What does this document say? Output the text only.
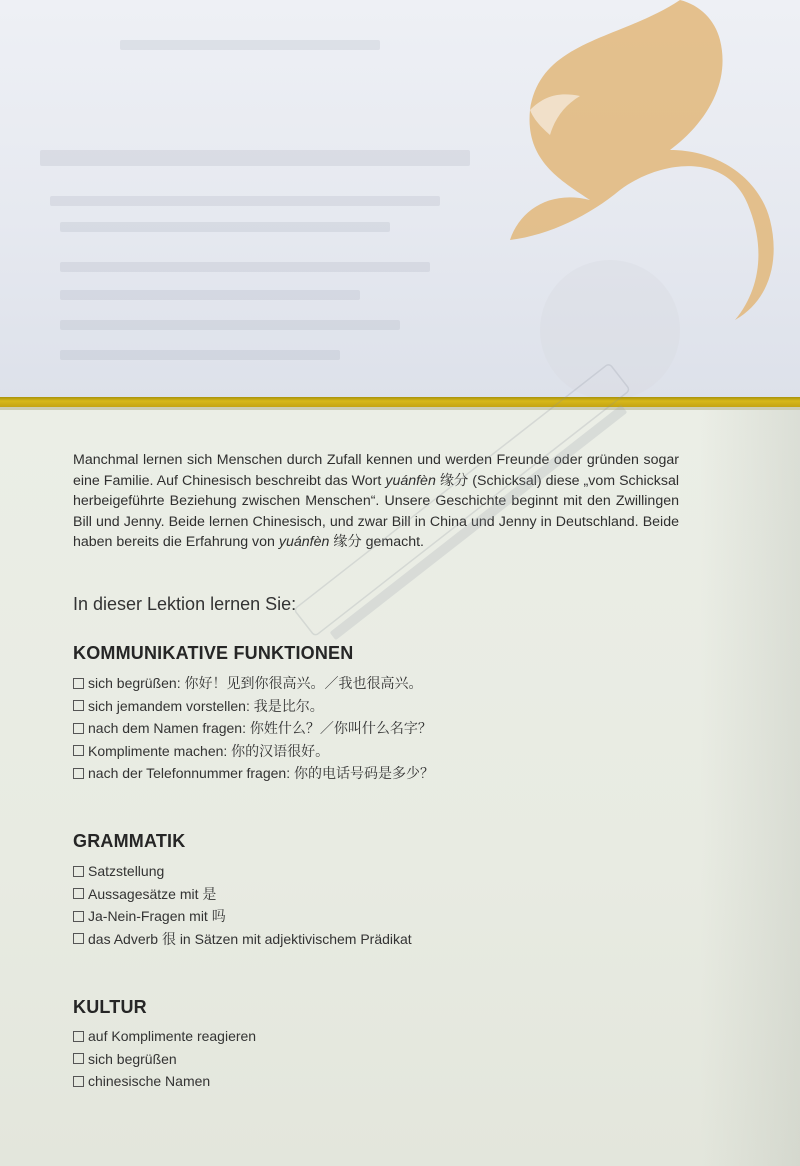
Manchmal lernen sich Menschen durch Zufall kennen und werden Freunde oder gründen sogar eine Familie. Auf Chinesisch beschreibt das Wort yuánfèn 缘分 (Schicksal) diese „vom Schicksal herbeigeführte Beziehung zwischen Menschen“. Unsere Geschichte beginnt mit den Zwillingen Bill und Jenny. Beide lernen Chinesisch, und zwar Bill in China und Jenny in Deutschland. Beide haben bereits die Erfahrung von yuánfèn 缘分 gemacht.
In dieser Lektion lernen Sie:
KOMMUNIKATIVE FUNKTIONEN
sich begrüßen: 你好！见到你很高兴。／我也很高兴。
sich jemandem vorstellen: 我是比尔。
nach dem Namen fragen: 你姓什么？／你叫什么名字？
Komplimente machen: 你的汉语很好。
nach der Telefonnummer fragen: 你的电话号码是多少？
GRAMMATIK
Satzstellung
Aussagesätze mit 是
Ja-Nein-Fragen mit 吗
das Adverb 很 in Sätzen mit adjektivischem Prädikat
KULTUR
auf Komplimente reagieren
sich begrüßen
chinesische Namen
